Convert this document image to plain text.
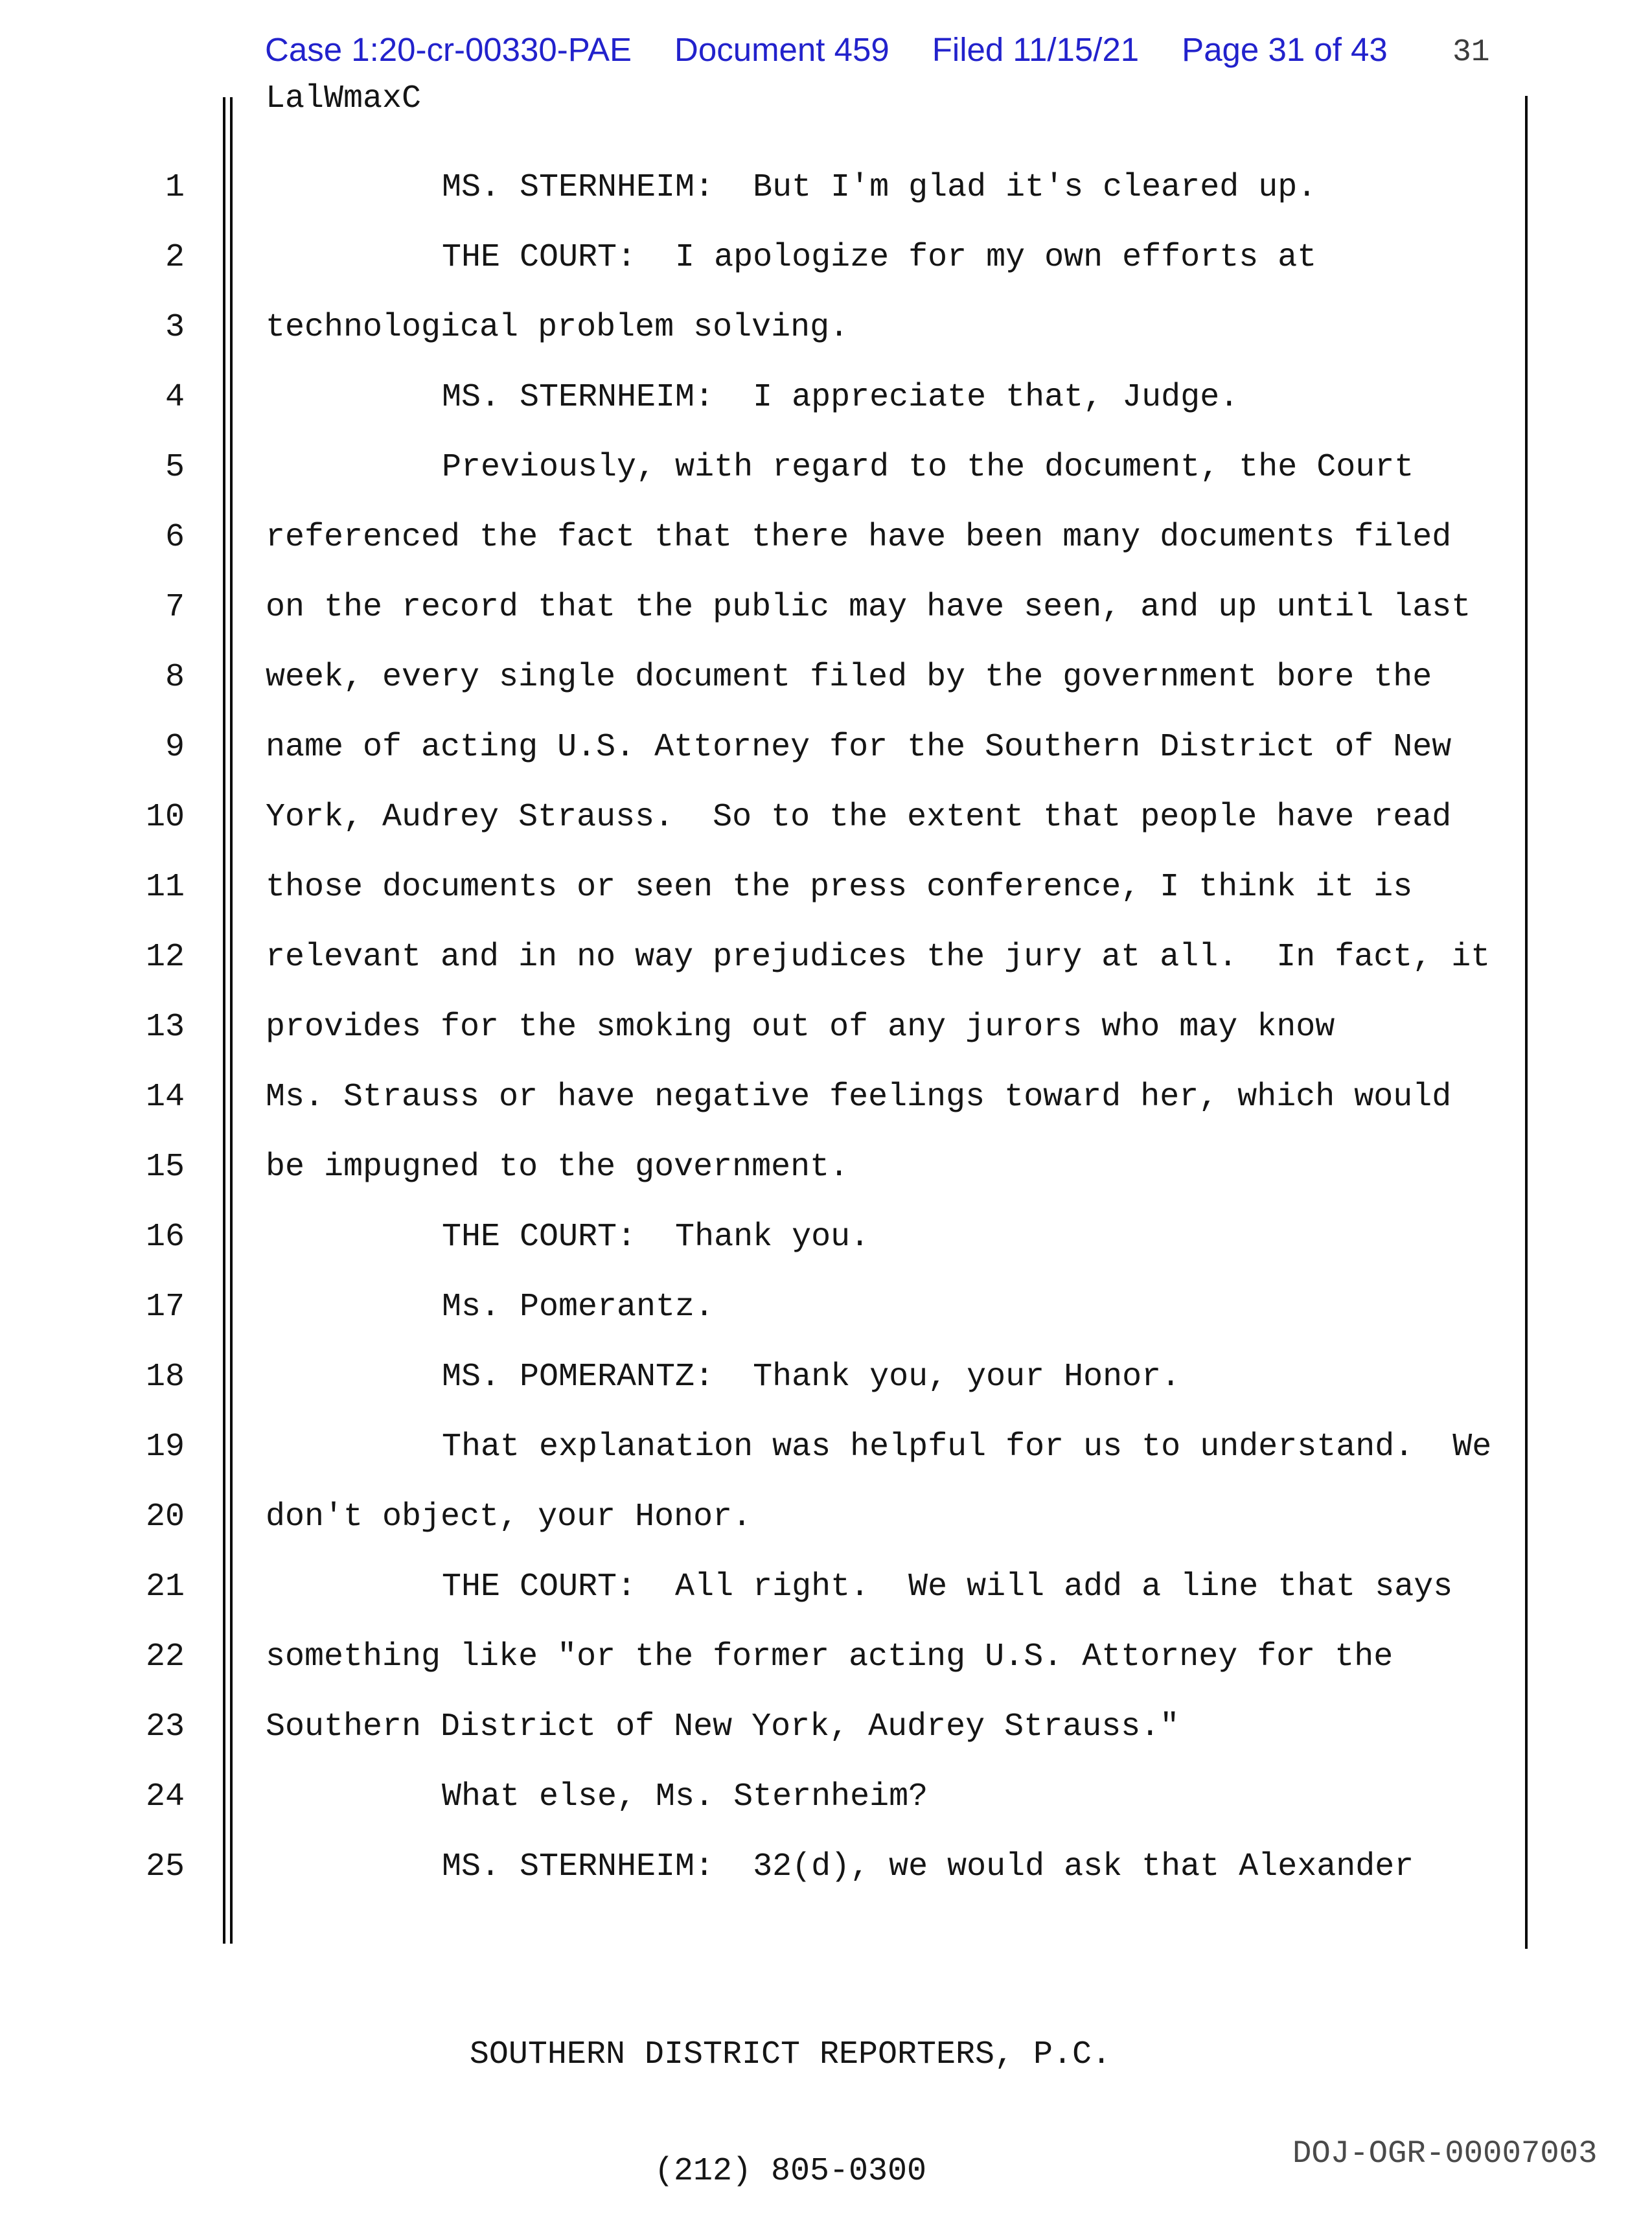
Case 1:20-cr-00330-PAE Document 459 Filed 11/15/21 Page 31 of 43 31
LalWmaxC
1	MS. STERNHEIM:  But I'm glad it's cleared up.
2	THE COURT:  I apologize for my own efforts at
3	technological problem solving.
4	MS. STERNHEIM:  I appreciate that, Judge.
5	Previously, with regard to the document, the Court
6	referenced the fact that there have been many documents filed
7	on the record that the public may have seen, and up until last
8	week, every single document filed by the government bore the
9	name of acting U.S. Attorney for the Southern District of New
10	York, Audrey Strauss.  So to the extent that people have read
11	those documents or seen the press conference, I think it is
12	relevant and in no way prejudices the jury at all.  In fact, it
13	provides for the smoking out of any jurors who may know
14	Ms. Strauss or have negative feelings toward her, which would
15	be impugned to the government.
16	THE COURT:  Thank you.
17	Ms. Pomerantz.
18	MS. POMERANTZ:  Thank you, your Honor.
19	That explanation was helpful for us to understand.  We
20	don't object, your Honor.
21	THE COURT:  All right.  We will add a line that says
22	something like "or the former acting U.S. Attorney for the
23	Southern District of New York, Audrey Strauss."
24	What else, Ms. Sternheim?
25	MS. STERNHEIM:  32(d), we would ask that Alexander

SOUTHERN DISTRICT REPORTERS, P.C.

(212) 805-0300	DOJ-OGR-00007003
